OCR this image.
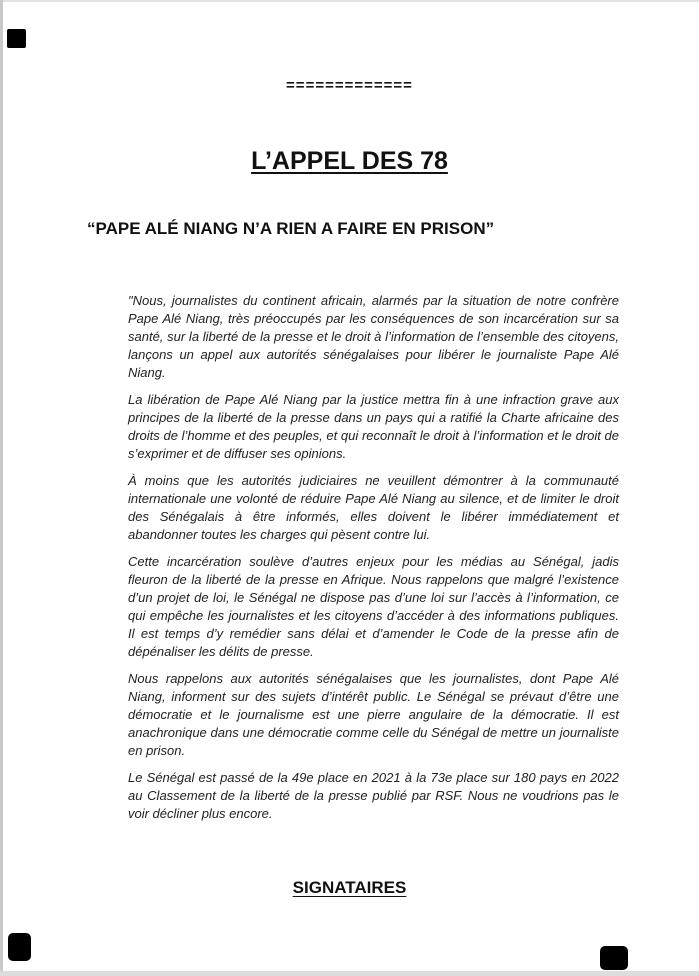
=============
L’APPEL DES 78
“PAPE ALÉ NIANG N’A RIEN A FAIRE EN PRISON”

"Nous, journalistes du continent africain, alarmés par la situation de notre confrère Pape Alé Niang, très préoccupés par les conséquences de son incarcération sur sa santé, sur la liberté de la presse et le droit à l’information de l’ensemble des citoyens, lançons un appel aux autorités sénégalaises pour libérer le journaliste Pape Alé Niang.

La libération de Pape Alé Niang par la justice mettra fin à une infraction grave aux principes de la liberté de la presse dans un pays qui a ratifié la Charte africaine des droits de l’homme et des peuples, et qui reconnaît le droit à l’information et le droit de s’exprimer et de diffuser ses opinions.

À moins que les autorités judiciaires ne veuillent démontrer à la communauté internationale une volonté de réduire Pape Alé Niang au silence, et de limiter le droit des Sénégalais à être informés, elles doivent le libérer immédiatement et abandonner toutes les charges qui pèsent contre lui.

Cette incarcération soulève d’autres enjeux pour les médias au Sénégal, jadis fleuron de la liberté de la presse en Afrique. Nous rappelons que malgré l’existence d’un projet de loi, le Sénégal ne dispose pas d’une loi sur l’accès à l’information, ce qui empêche les journalistes et les citoyens d’accéder à des informations publiques. Il est temps d’y remédier sans délai et d’amender le Code de la presse afin de dépénaliser les délits de presse.

Nous rappelons aux autorités sénégalaises que les journalistes, dont Pape Alé Niang, informent sur des sujets d’intérêt public. Le Sénégal se prévaut d’être une démocratie et le journalisme est une pierre angulaire de la démocratie. Il est anachronique dans une démocratie comme celle du Sénégal de mettre un journaliste en prison.

Le Sénégal est passé de la 49e place en 2021 à la 73e place sur 180 pays en 2022 au Classement de la liberté de la presse publié par RSF. Nous ne voudrions pas le voir décliner plus encore.

SIGNATAIRES
